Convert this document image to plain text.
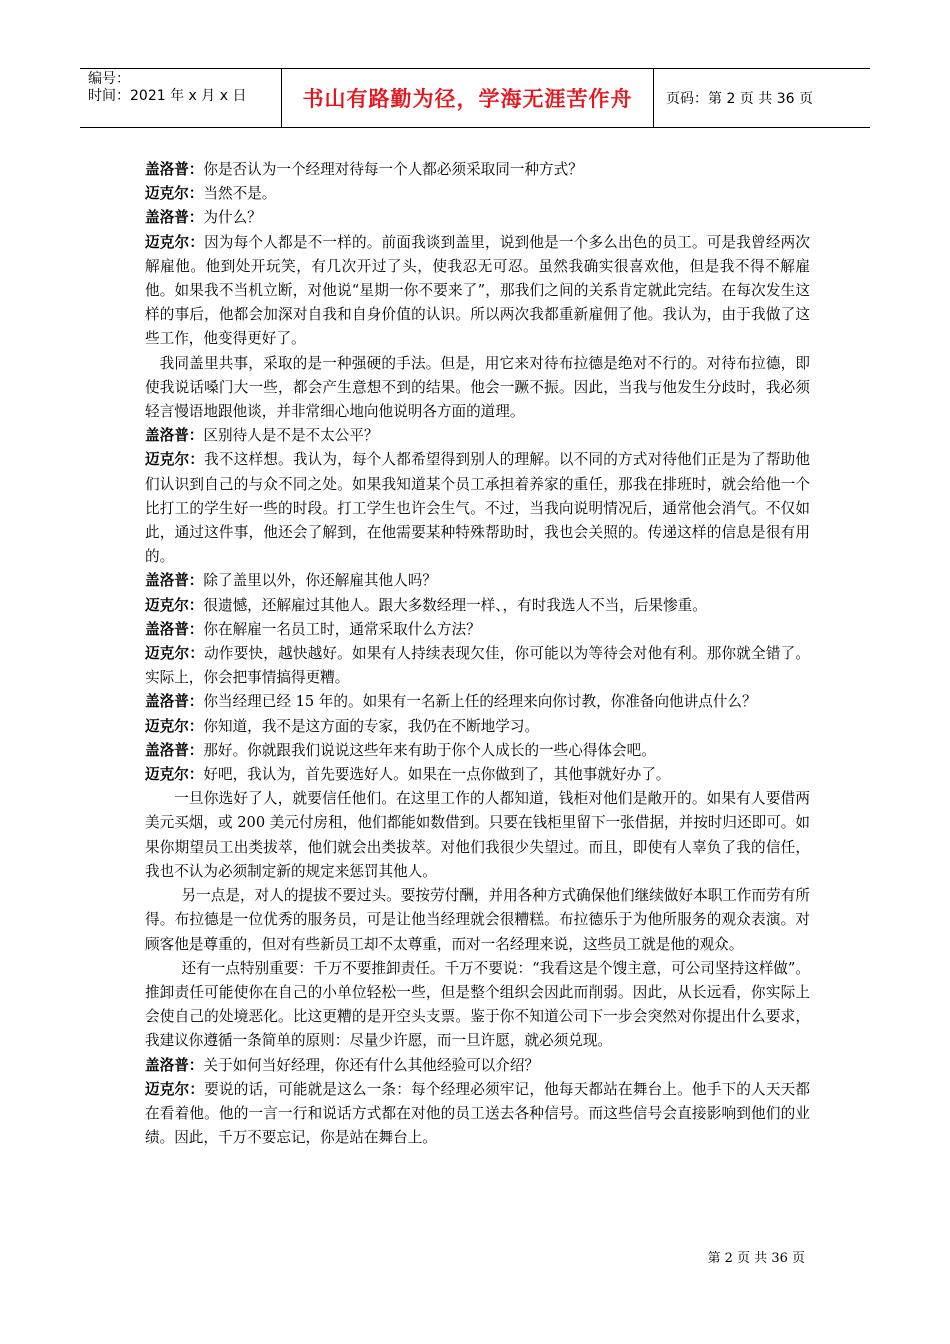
编号：
时间：2021 年 x 月 x 日	书山有路勤为径，学海无涯苦作舟	页码：第 2 页 共 36 页

盖洛普：你是否认为一个经理对待每一个人都必须采取同一种方式？

迈克尔：当然不是。

盖洛普：为什么？

迈克尔：因为每个人都是不一样的。前面我谈到盖里，说到他是一个多么出色的员工。可是我曾经两次解雇他。他到处开玩笑，有几次开过了头，使我忍无可忍。虽然我确实很喜欢他，但是我不得不解雇他。如果我不当机立断，对他说“星期一你不要来了”，那我们之间的关系肯定就此完结。在每次发生这样的事后，他都会加深对自我和自身价值的认识。所以两次我都重新雇佣了他。我认为，由于我做了这些工作，他变得更好了。

我同盖里共事，采取的是一种强硬的手法。但是，用它来对待布拉德是绝对不行的。对待布拉德，即使我说话嗓门大一些，都会产生意想不到的结果。他会一蹶不振。因此，当我与他发生分歧时，我必须轻言慢语地跟他谈，并非常细心地向他说明各方面的道理。

盖洛普：区别待人是不是不太公平？

迈克尔：我不这样想。我认为，每个人都希望得到别人的理解。以不同的方式对待他们正是为了帮助他们认识到自己的与众不同之处。如果我知道某个员工承担着养家的重任，那我在排班时，就会给他一个比打工的学生好一些的时段。打工学生也许会生气。不过，当我向说明情况后，通常他会消气。不仅如此，通过这件事，他还会了解到，在他需要某种特殊帮助时，我也会关照的。传递这样的信息是很有用的。

盖洛普：除了盖里以外，你还解雇其他人吗？

迈克尔：很遗憾，还解雇过其他人。跟大多数经理一样、，有时我选人不当，后果惨重。

盖洛普：你在解雇一名员工时，通常采取什么方法？

迈克尔：动作要快，越快越好。如果有人持续表现欠佳，你可能以为等待会对他有利。那你就全错了。实际上，你会把事情搞得更糟。

盖洛普：你当经理已经 15 年的。如果有一名新上任的经理来向你讨教，你准备向他讲点什么？

迈克尔：你知道，我不是这方面的专家，我仍在不断地学习。

盖洛普：那好。你就跟我们说说这些年来有助于你个人成长的一些心得体会吧。

迈克尔：好吧，我认为，首先要选好人。如果在一点你做到了，其他事就好办了。

一旦你选好了人，就要信任他们。在这里工作的人都知道，钱柜对他们是敞开的。如果有人要借两美元买烟，或 200 美元付房租，他们都能如数借到。只要在钱柜里留下一张借据，并按时归还即可。如果你期望员工出类拔萃，他们就会出类拔萃。对他们我很少失望过。而且，即使有人辜负了我的信任，我也不认为必须制定新的规定来惩罚其他人。

另一点是，对人的提拔不要过头。要按劳付酬，并用各种方式确保他们继续做好本职工作而劳有所得。布拉德是一位优秀的服务员，可是让他当经理就会很糟糕。布拉德乐于为他所服务的观众表演。对顾客他是尊重的，但对有些新员工却不太尊重，而对一名经理来说，这些员工就是他的观众。

还有一点特别重要：千万不要推卸责任。千万不要说：“我看这是个馊主意，可公司坚持这样做”。推卸责任可能使你在自己的小单位轻松一些，但是整个组织会因此而削弱。因此，从长远看，你实际上会使自己的处境恶化。比这更糟的是开空头支票。鉴于你不知道公司下一步会突然对你提出什么要求，我建议你遵循一条简单的原则：尽量少许愿，而一旦许愿，就必须兑现。

盖洛普：关于如何当好经理，你还有什么其他经验可以介绍？

迈克尔：要说的话，可能就是这么一条：每个经理必须牢记，他每天都站在舞台上。他手下的人天天都在看着他。他的一言一行和说话方式都在对他的员工送去各种信号。而这些信号会直接影响到他们的业绩。因此，千万不要忘记，你是站在舞台上。

第 2 页 共 36 页
